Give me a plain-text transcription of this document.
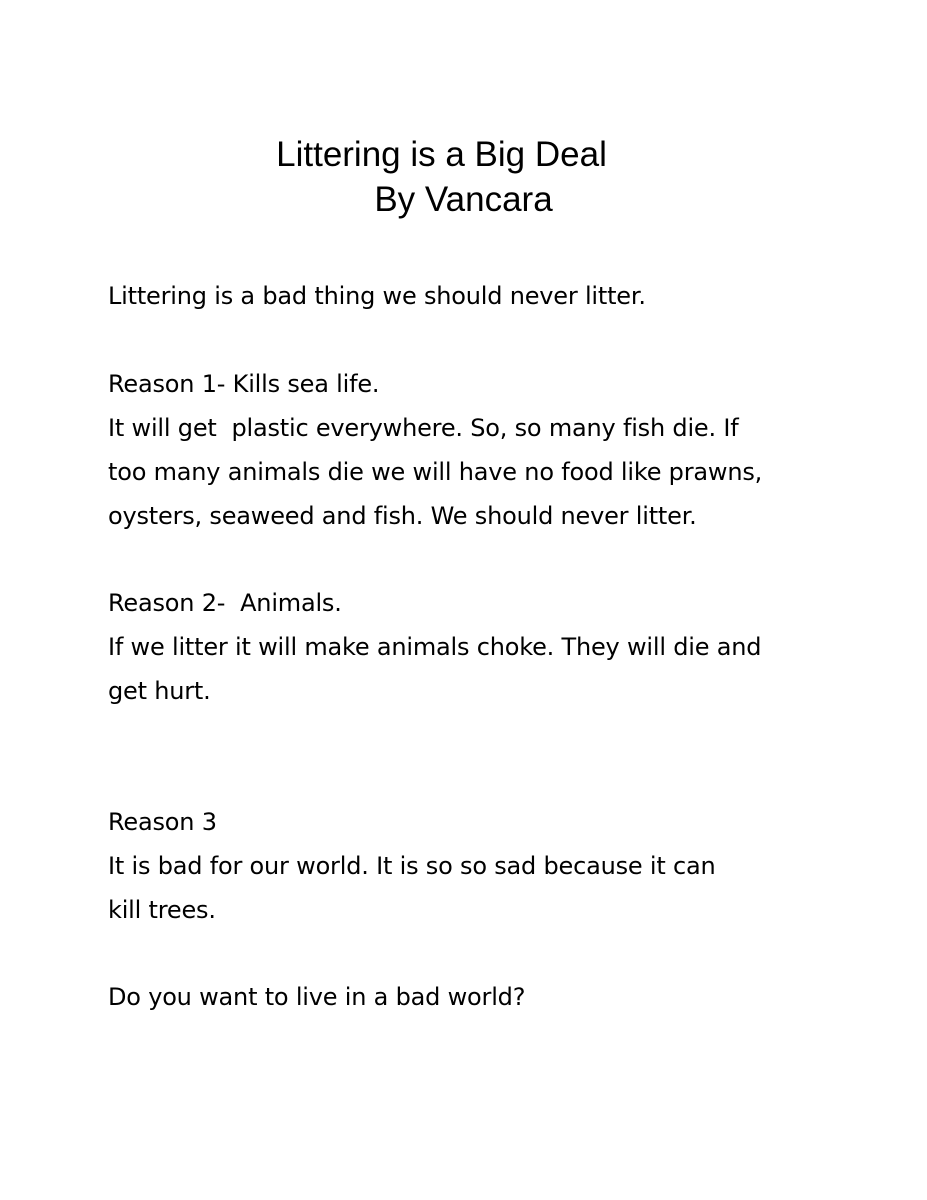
Littering is a Big Deal
By Vancara
Littering is a bad thing we should never litter.
Reason 1- Kills sea life.
It will get  plastic everywhere. So, so many fish die. If
too many animals die we will have no food like prawns,
oysters, seaweed and fish. We should never litter.
Reason 2-  Animals.
If we litter it will make animals choke. They will die and
get hurt.
Reason 3
It is bad for our world. It is so so sad because it can
kill trees.
Do you want to live in a bad world?
